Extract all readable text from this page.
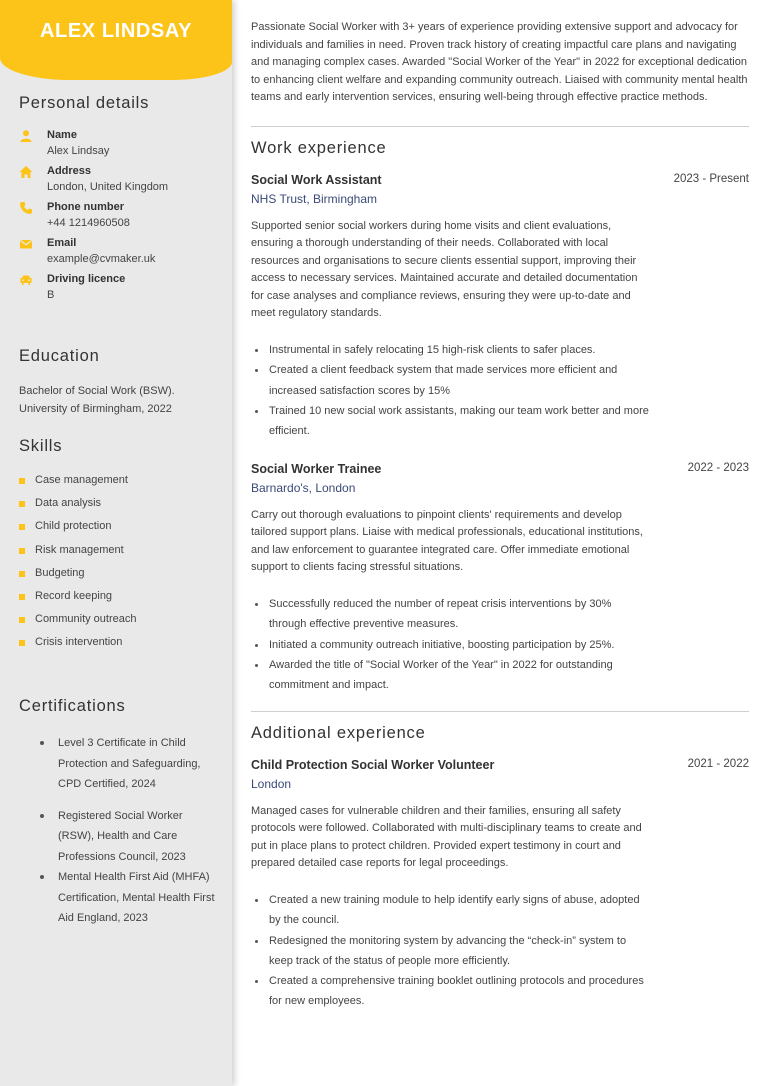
ALEX LINDSAY
Personal details
Name
Alex Lindsay
Address
London, United Kingdom
Phone number
+44 1214960508
Email
example@cvmaker.uk
Driving licence
B
Education
Bachelor of Social Work (BSW).
University of Birmingham, 2022
Skills
Case management
Data analysis
Child protection
Risk management
Budgeting
Record keeping
Community outreach
Crisis intervention
Certifications
Level 3 Certificate in Child Protection and Safeguarding, CPD Certified, 2024
Registered Social Worker (RSW), Health and Care Professions Council, 2023
Mental Health First Aid (MHFA) Certification, Mental Health First Aid England, 2023
Passionate Social Worker with 3+ years of experience providing extensive support and advocacy for individuals and families in need. Proven track history of creating impactful care plans and navigating and managing complex cases. Awarded "Social Worker of the Year" in 2022 for exceptional dedication to enhancing client welfare and expanding community outreach. Liaised with community mental health teams and early intervention services, ensuring well-being through effective practice methods.
Work experience
Social Work Assistant	2023 - Present
NHS Trust, Birmingham
Supported senior social workers during home visits and client evaluations, ensuring a thorough understanding of their needs. Collaborated with local resources and organisations to secure clients essential support, improving their access to necessary services. Maintained accurate and detailed documentation for case analyses and compliance reviews, ensuring they were up-to-date and meet regulatory standards.
Instrumental in safely relocating 15 high-risk clients to safer places.
Created a client feedback system that made services more efficient and increased satisfaction scores by 15%
Trained 10 new social work assistants, making our team work better and more efficient.
Social Worker Trainee	2022 - 2023
Barnardo's, London
Carry out thorough evaluations to pinpoint clients' requirements and develop tailored support plans. Liaise with medical professionals, educational institutions, and law enforcement to guarantee integrated care. Offer immediate emotional support to clients facing stressful situations.
Successfully reduced the number of repeat crisis interventions by 30% through effective preventive measures.
Initiated a community outreach initiative, boosting participation by 25%.
Awarded the title of "Social Worker of the Year" in 2022 for outstanding commitment and impact.
Additional experience
Child Protection Social Worker Volunteer	2021 - 2022
London
Managed cases for vulnerable children and their families, ensuring all safety protocols were followed. Collaborated with multi-disciplinary teams to create and put in place plans to protect children. Provided expert testimony in court and prepared detailed case reports for legal proceedings.
Created a new training module to help identify early signs of abuse, adopted by the council.
Redesigned the monitoring system by advancing the “check-in” system to keep track of the status of people more efficiently.
Created a comprehensive training booklet outlining protocols and procedures for new employees.
